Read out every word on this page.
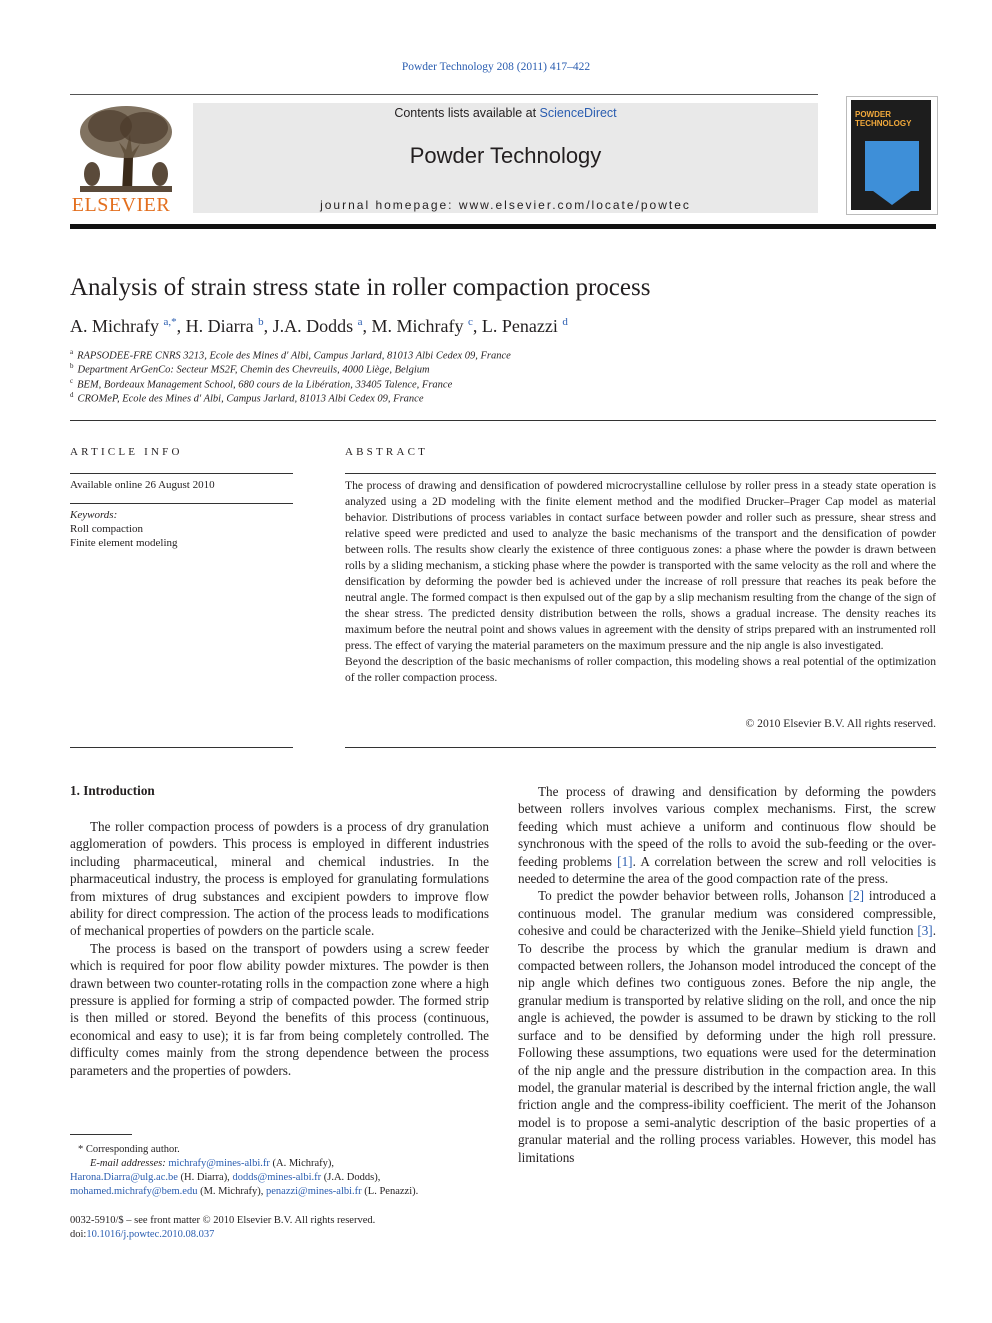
Powder Technology 208 (2011) 417–422
ELSEVIER
Contents lists available at ScienceDirect
Powder Technology
journal homepage: www.elsevier.com/locate/powtec
POWDER TECHNOLOGY
Analysis of strain stress state in roller compaction process
A. Michrafy $^{a,*}$, H. Diarra $^b$, J.A. Dodds $^a$, M. Michrafy $^c$, L. Penazzi $^d$
$^a$ RAPSODEE-FRE CNRS 3213, Ecole des Mines d' Albi, Campus Jarlard, 81013 Albi Cedex 09, France
$^b$ Department ArGenCo: Secteur MS2F, Chemin des Chevreuils, 4000 Liège, Belgium
$^c$ BEM, Bordeaux Management School, 680 cours de la Libération, 33405 Talence, France
$^d$ CROMeP, Ecole des Mines d' Albi, Campus Jarlard, 81013 Albi Cedex 09, France
ARTICLE INFO
Available online 26 August 2010
Keywords:
Roll compaction
Finite element modeling
ABSTRACT

The process of drawing and densification of powdered microcrystalline cellulose by roller press in a steady state operation is analyzed using a 2D modeling with the finite element method and the modified Drucker–Prager Cap model as material behavior. Distributions of process variables in contact surface between powder and roller such as pressure, shear stress and relative speed were predicted and used to analyze the basic mechanisms of the transport and the densification of powder between rolls. The results show clearly the existence of three contiguous zones: a phase where the powder is drawn between rolls by a sliding mechanism, a sticking phase where the powder is transported with the same velocity as the roll and where the densification by deforming the powder bed is achieved under the increase of roll pressure that reaches its peak before the neutral angle. The formed compact is then expulsed out of the gap by a slip mechanism resulting from the change of the sign of the shear stress. The predicted density distribution between the rolls, shows a gradual increase. The density reaches its maximum before the neutral point and shows values in agreement with the density of strips prepared with an instrumented roll press. The effect of varying the material parameters on the maximum pressure and the nip angle is also investigated.

Beyond the description of the basic mechanisms of roller compaction, this modeling shows a real potential of the optimization of the roller compaction process.

© 2010 Elsevier B.V. All rights reserved.
1. Introduction

The roller compaction process of powders is a process of dry granulation agglomeration of powders. This process is employed in different industries including pharmaceutical, mineral and chemical industries. In the pharmaceutical industry, the process is employed for granulating formulations from mixtures of drug substances and excipient powders to improve flow ability for direct compression. The action of the process leads to modifications of mechanical properties of powders on the particle scale.

The process is based on the transport of powders using a screw feeder which is required for poor flow ability powder mixtures. The powder is then drawn between two counter-rotating rolls in the compaction zone where a high pressure is applied for forming a strip of compacted powder. The formed strip is then milled or stored. Beyond the benefits of this process (continuous, economical and easy to use); it is far from being completely controlled. The difficulty comes mainly from the strong dependence between the process parameters and the properties of powders.

The process of drawing and densification by deforming the powders between rollers involves various complex mechanisms. First, the screw feeding which must achieve a uniform and continuous flow should be synchronous with the speed of the rolls to avoid the sub-feeding or the over-feeding problems [1]. A correlation between the screw and roll velocities is needed to determine the area of the good compaction rate of the press.

To predict the powder behavior between rolls, Johanson [2] introduced a continuous model. The granular medium was considered compressible, cohesive and could be characterized with the Jenike–Shield yield function [3]. To describe the process by which the granular medium is drawn and compacted between rollers, the Johanson model introduced the concept of the nip angle which defines two contiguous zones. Before the nip angle, the granular medium is transported by relative sliding on the roll, and once the nip angle is achieved, the powder is assumed to be drawn by sticking to the roll surface and to be densified by deforming under the high roll pressure. Following these assumptions, two equations were used for the determination of the nip angle and the pressure distribution in the compaction area. In this model, the granular material is described by the internal friction angle, the wall friction angle and the compress-ibility coefficient. The merit of the Johanson model is to propose a semi-analytic description of the basic properties of a granular material and the rolling process variables. However, this model has limitations

* Corresponding author.
E-mail addresses: michrafy@mines-albi.fr (A. Michrafy),
Harona.Diarra@ulg.ac.be (H. Diarra), dodds@mines-albi.fr (J.A. Dodds),
mohamed.michrafy@bem.edu (M. Michrafy), penazzi@mines-albi.fr (L. Penazzi).
0032-5910/$ – see front matter © 2010 Elsevier B.V. All rights reserved.
doi:10.1016/j.powtec.2010.08.037
